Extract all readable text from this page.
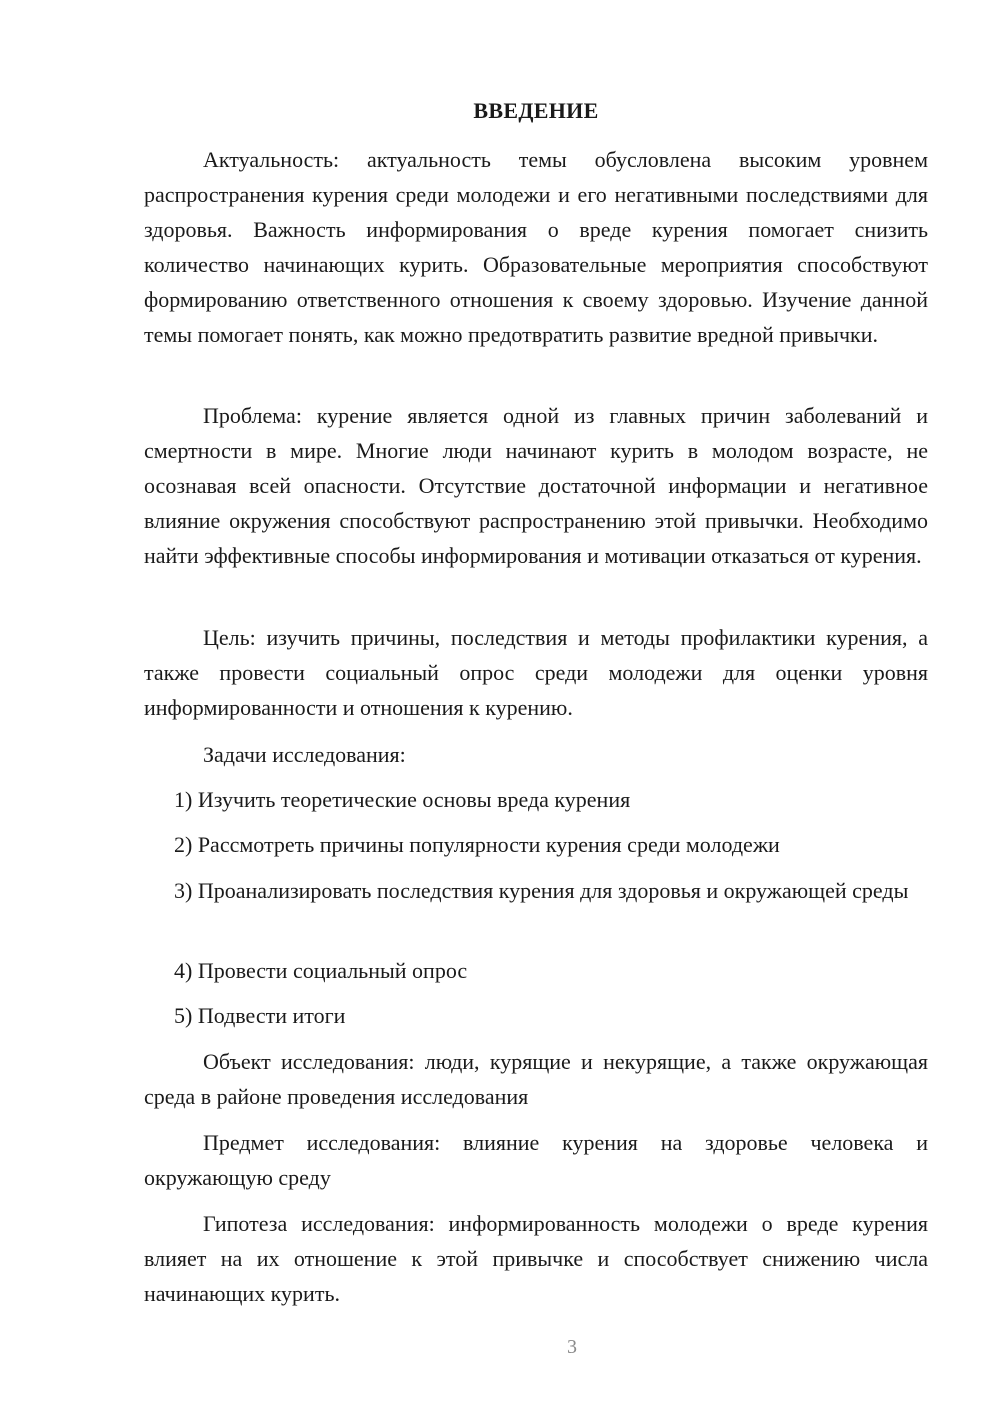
ВВЕДЕНИЕ

Актуальность: актуальность темы обусловлена высоким уровнем распространения курения среди молодежи и его негативными последствиями для здоровья. Важность информирования о вреде курения помогает снизить количество начинающих курить. Образовательные мероприятия способствуют формированию ответственного отношения к своему здоровью. Изучение данной темы помогает понять, как можно предотвратить развитие вредной привычки.

Проблема: курение является одной из главных причин заболеваний и смертности в мире. Многие люди начинают курить в молодом возрасте, не осознавая всей опасности. Отсутствие достаточной информации и негативное влияние окружения способствуют распространению этой привычки. Необходимо найти эффективные способы информирования и мотивации отказаться от курения.

Цель: изучить причины, последствия и методы профилактики курения, а также провести социальный опрос среди молодежи для оценки уровня информированности и отношения к курению.

Задачи исследования:

1) Изучить теоретические основы вреда курения

2) Рассмотреть причины популярности курения среди молодежи

3) Проанализировать последствия курения для здоровья и окружающей среды

4) Провести социальный опрос

5) Подвести итоги

Объект исследования: люди, курящие и некурящие, а также окружающая среда в районе проведения исследования

Предмет исследования: влияние курения на здоровье человека и окружающую среду

Гипотеза исследования: информированность молодежи о вреде курения влияет на их отношение к этой привычке и способствует снижению числа начинающих курить.

3
